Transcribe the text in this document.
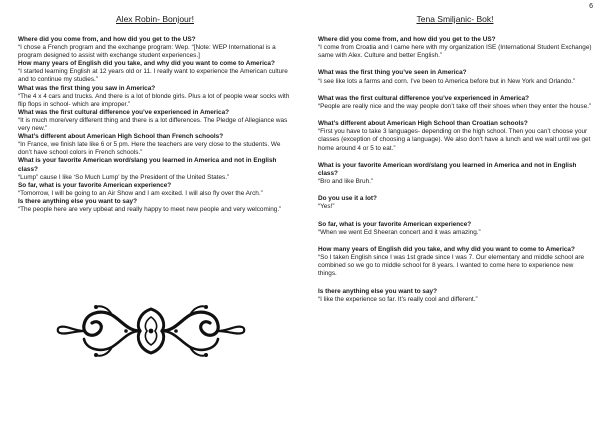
6
Alex Robin- Bonjour!

Where did you come from, and how did you get to the US?

“I chose a French program and the exchange program: Wep. “[Note: WEP International is a program designed to assist with exchange student experiences.]

How many years of English did you take, and why did you want to come to America?

“I started learning English at 12 years old or 11. I really want to experience the American culture and to continue my studies.”

What was the first thing you saw in America?

“The 4 x 4 cars and trucks. And there is a lot of blonde girls. Plus a lot of people wear socks with flip flops in school- which are improper.”

What was the first cultural difference you’ve experienced in America?

“It is much more/very different thing and there is a lot differences. The Pledge of Allegiance was very new.”

What’s different about American High School than French schools?

“In France, we finish late like 6 or 5 pm. Here the teachers are very close to the students. We don’t have school colors in French schools.”

What is your favorite American word/slang you learned in America and not in English class?

“Lump” cause I like ‘So Much Lump’ by the President of the United States.”

So far, what is your favorite American experience?

“Tomorrow, I will be going to an Air Show and I am excited. I will also fly over the Arch.”

Is there anything else you want to say?

“The people here are very upbeat and really happy to meet new people and very welcoming.”

Tena Smiljanic- Bok!

Where did you come from, and how did you get to the US?

“I come from Croatia and I came here with my organization ISE (International Student Exchange) same with Alex. Culture and better English.”

What was the first thing you’ve seen in America?

“I see like lots a farms and corn. I’ve been to America before but in New York and Orlando.”

What was the first cultural difference you’ve experienced in America?

“People are really nice and the way people don’t take off their shoes when they enter the house.”

What’s different about American High School than Croatian schools?

“First you have to take 3 languages- depending on the high school. Then you can’t choose your classes (exception of choosing a language). We also don’t have a lunch and we wait until we get home around 4 or 5 to eat.”

What is your favorite American word/slang you learned in America and not in English class?

“Bro and like Bruh.”

Do you use it a lot?

“Yes!”

So far, what is your favorite American experience?

“When we went Ed Sheeran concert and it was amazing.”

How many years of English did you take, and why did you want to come to America?

“So I taken English since I was 1st grade since I was 7. Our elementary and middle school are combined so we go to middle school for 8 years. I wanted to come here to experience new things.

Is there anything else you want to say?

“I like the experience so far. It’s really cool and different.”
